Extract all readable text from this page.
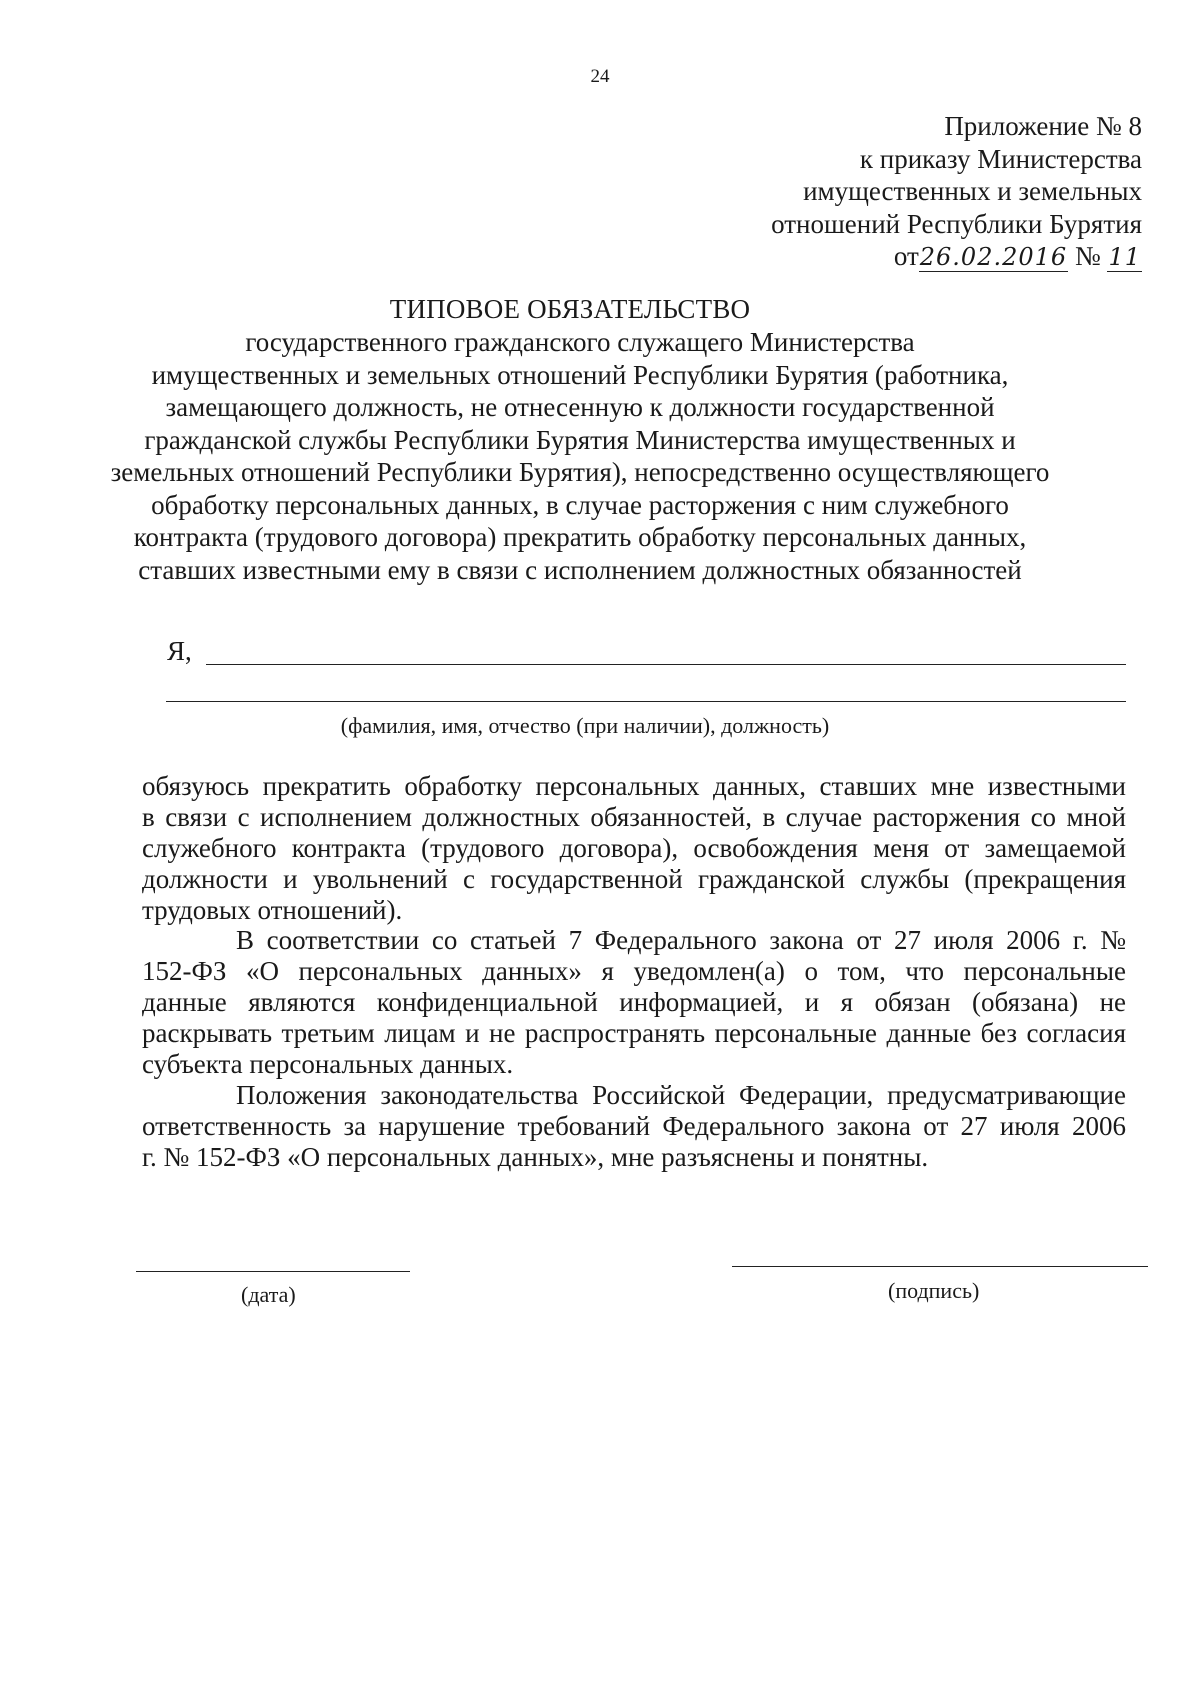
24
Приложение № 8
к приказу Министерства
имущественных и земельных
отношений Республики Бурятия
от26.02.2016 № 11
ТИПОВОЕ ОБЯЗАТЕЛЬСТВО
государственного гражданского служащего Министерства
имущественных и земельных отношений Республики Бурятия (работника,
замещающего должность, не отнесенную к должности государственной
гражданской службы Республики Бурятия Министерства имущественных и
земельных отношений Республики Бурятия), непосредственно осуществляющего
обработку персональных данных, в случае расторжения с ним служебного
контракта (трудового договора) прекратить обработку персональных данных,
ставших известными ему в связи с исполнением должностных обязанностей
Я,
(фамилия, имя, отчество (при наличии), должность)
обязуюсь прекратить обработку персональных данных, ставших мне известными
в связи с исполнением должностных обязанностей, в случае расторжения со мной
служебного контракта (трудового договора), освобождения меня от замещаемой
должности и увольнений с государственной гражданской службы (прекращения
трудовых отношений).
В соответствии со статьей 7 Федерального закона от 27 июля 2006 г. №
152-ФЗ «О персональных данных» я уведомлен(а) о том, что персональные
данные являются конфиденциальной информацией, и я обязан (обязана) не
раскрывать третьим лицам и не распространять персональные данные без согласия
субъекта персональных данных.
Положения законодательства Российской Федерации, предусматривающие
ответственность за нарушение требований Федерального закона от 27 июля 2006
г. № 152-ФЗ «О персональных данных», мне разъяснены и понятны.
(дата)	(подпись)
